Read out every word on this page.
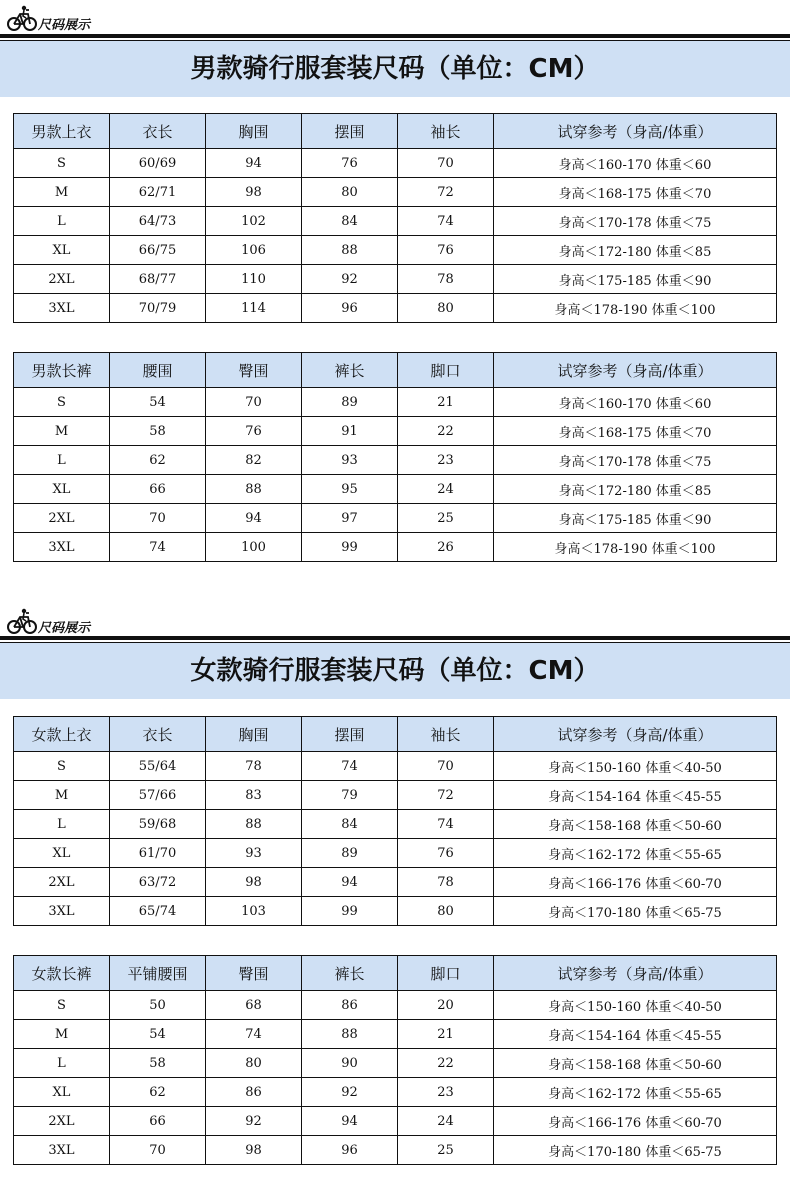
尺码展示
男款骑行服套装尺码（单位：CM）
男款上衣	衣长	胸围	摆围	袖长	试穿参考（身高/体重）
S	60/69	94	76	70	身高＜160-170 体重＜60
M	62/71	98	80	72	身高＜168-175 体重＜70
L	64/73	102	84	74	身高＜170-178 体重＜75
XL	66/75	106	88	76	身高＜172-180 体重＜85
2XL	68/77	110	92	78	身高＜175-185 体重＜90
3XL	70/79	114	96	80	身高＜178-190 体重＜100
男款长裤	腰围	臀围	裤长	脚口	试穿参考（身高/体重）
S	54	70	89	21	身高＜160-170 体重＜60
M	58	76	91	22	身高＜168-175 体重＜70
L	62	82	93	23	身高＜170-178 体重＜75
XL	66	88	95	24	身高＜172-180 体重＜85
2XL	70	94	97	25	身高＜175-185 体重＜90
3XL	74	100	99	26	身高＜178-190 体重＜100
尺码展示
女款骑行服套装尺码（单位：CM）
女款上衣	衣长	胸围	摆围	袖长	试穿参考（身高/体重）
S	55/64	78	74	70	身高＜150-160 体重＜40-50
M	57/66	83	79	72	身高＜154-164 体重＜45-55
L	59/68	88	84	74	身高＜158-168 体重＜50-60
XL	61/70	93	89	76	身高＜162-172 体重＜55-65
2XL	63/72	98	94	78	身高＜166-176 体重＜60-70
3XL	65/74	103	99	80	身高＜170-180 体重＜65-75
女款长裤	平铺腰围	臀围	裤长	脚口	试穿参考（身高/体重）
S	50	68	86	20	身高＜150-160 体重＜40-50
M	54	74	88	21	身高＜154-164 体重＜45-55
L	58	80	90	22	身高＜158-168 体重＜50-60
XL	62	86	92	23	身高＜162-172 体重＜55-65
2XL	66	92	94	24	身高＜166-176 体重＜60-70
3XL	70	98	96	25	身高＜170-180 体重＜65-75
